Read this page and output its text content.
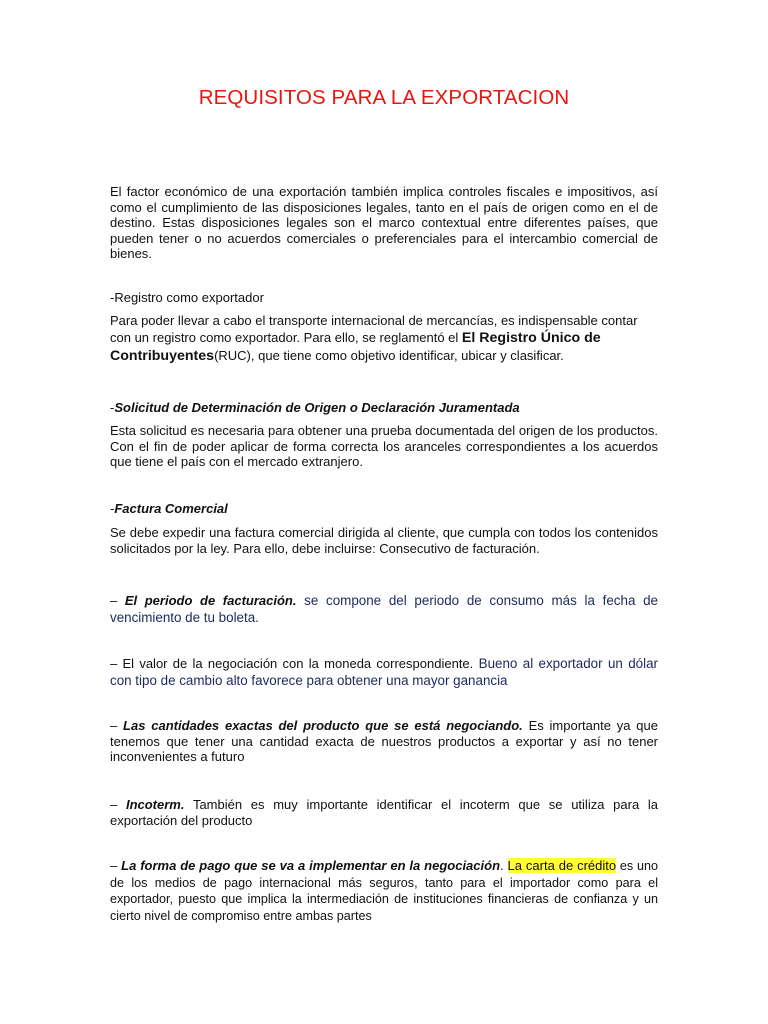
REQUISITOS PARA LA EXPORTACION
El factor económico de una exportación también implica controles fiscales e impositivos, así como el cumplimiento de las disposiciones legales, tanto en el país de origen como en el de destino. Estas disposiciones legales son el marco contextual entre diferentes países, que pueden tener o no acuerdos comerciales o preferenciales para el intercambio comercial de bienes.
-Registro como exportador
Para poder llevar a cabo el transporte internacional de mercancías, es indispensable contar con un registro como exportador. Para ello, se reglamentó el El Registro Único de Contribuyentes(RUC), que tiene como objetivo identificar, ubicar y clasificar.
-Solicitud de Determinación de Origen o Declaración Juramentada
Esta solicitud es necesaria para obtener una prueba documentada del origen de los productos. Con el fin de poder aplicar de forma correcta los aranceles correspondientes a los acuerdos que tiene el país con el mercado extranjero.
-Factura Comercial
Se debe expedir una factura comercial dirigida al cliente, que cumpla con todos los contenidos solicitados por la ley. Para ello, debe incluirse: Consecutivo de facturación.
– El periodo de facturación. se compone del periodo de consumo más la fecha de vencimiento de tu boleta.
– El valor de la negociación con la moneda correspondiente. Bueno al exportador un dólar con tipo de cambio alto favorece para obtener una mayor ganancia
– Las cantidades exactas del producto que se está negociando. Es importante ya que tenemos que tener una cantidad exacta de nuestros productos a exportar y así no tener inconvenientes a futuro
– Incoterm. También es muy importante identificar el incoterm que se utiliza para la exportación del producto
– La forma de pago que se va a implementar en la negociación. La carta de crédito es uno de los medios de pago internacional más seguros, tanto para el importador como para el exportador, puesto que implica la intermediación de instituciones financieras de confianza y un cierto nivel de compromiso entre ambas partes
